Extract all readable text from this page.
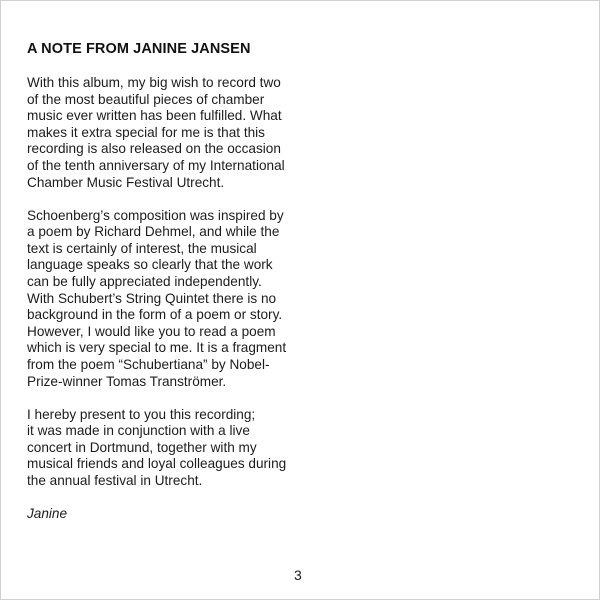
A NOTE FROM JANINE JANSEN

With this album, my big wish to record two
of the most beautiful pieces of chamber
music ever written has been fulfilled. What
makes it extra special for me is that this
recording is also released on the occasion
of the tenth anniversary of my International
Chamber Music Festival Utrecht.

Schoenberg’s composition was inspired by
a poem by Richard Dehmel, and while the
text is certainly of interest, the musical
language speaks so clearly that the work
can be fully appreciated independently.
With Schubert’s String Quintet there is no
background in the form of a poem or story.
However, I would like you to read a poem
which is very special to me. It is a fragment
from the poem “Schubertiana” by Nobel-
Prize-winner Tomas Tranströmer.

I hereby present to you this recording;
it was made in conjunction with a live
concert in Dortmund, together with my
musical friends and loyal colleagues during
the annual festival in Utrecht.

Janine

3
